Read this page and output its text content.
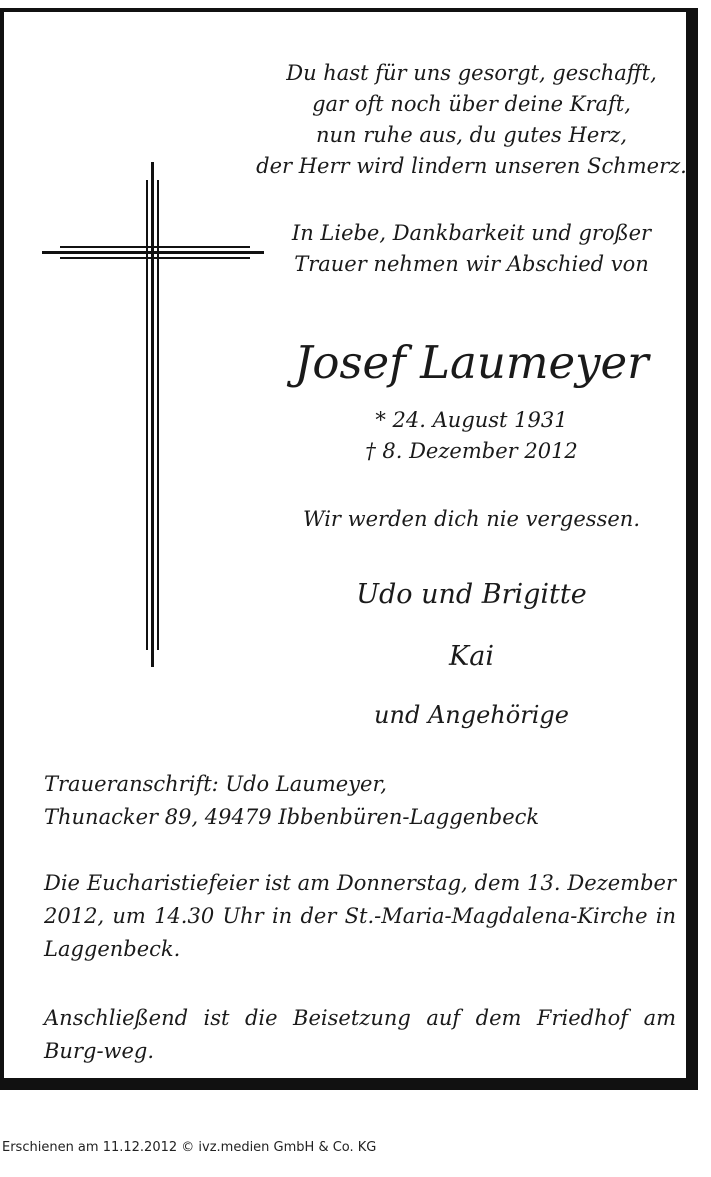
Du hast für uns gesorgt, geschafft,
gar oft noch über deine Kraft,
nun ruhe aus, du gutes Herz,
der Herr wird lindern unseren Schmerz.
In Liebe, Dankbarkeit und großer
Trauer nehmen wir Abschied von
Josef Laumeyer
* 24. August 1931
† 8. Dezember 2012
Wir werden dich nie vergessen.
Udo und Brigitte
Kai
und Angehörige
Traueranschrift: Udo Laumeyer,
Thunacker 89, 49479 Ibbenbüren-Laggenbeck
Die Eucharistiefeier ist am Donnerstag, dem 13. Dezember 2012, um 14.30 Uhr in der St.-Maria-Magdalena-Kirche in Laggenbeck.
Anschließend ist die Beisetzung auf dem Friedhof am Burg-weg.
Erschienen am 11.12.2012 © ivz.medien GmbH & Co. KG
